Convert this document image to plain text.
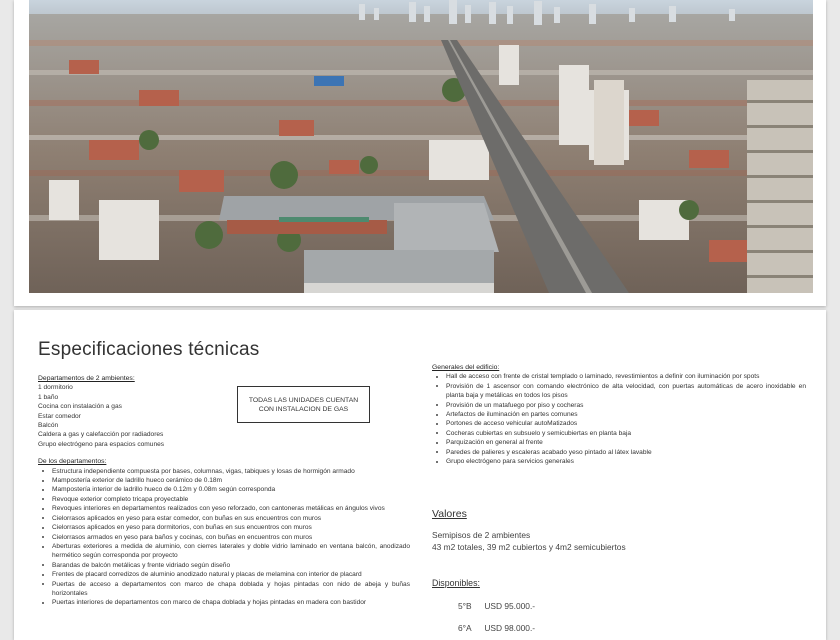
Especificaciones técnicas
Departamentos de 2 ambientes:
1 dormitorio
1 baño
Cocina con instalación a gas
Estar comedor
Balcón
Caldera a gas y calefacción por radiadores
Grupo electrógeno para espacios comunes
De los departamentos:
Estructura independiente compuesta por bases, columnas, vigas, tabiques y losas de hormigón armado
Mampostería exterior de ladrillo hueco cerámico de 0.18m
Mampostería interior de ladrillo hueco de 0.12m y 0.08m según corresponda
Revoque exterior completo tricapa proyectable
Revoques interiores en departamentos realizados con yeso reforzado, con cantoneras metálicas en ángulos vivos
Cielorrasos aplicados en yeso para estar comedor, con buñas en sus encuentros con muros
Cielorrasos aplicados en yeso para dormitorios, con buñas en sus encuentros con muros
Cielorrasos armados en yeso para baños y cocinas, con buñas en encuentros con muros
Aberturas exteriores a medida de aluminio, con cierres laterales y doble vidrio laminado en ventana balcón, anodizado hermético según corresponda por proyecto
Barandas de balcón metálicas y frente vidriado según diseño
Frentes de placard corredizos de aluminio anodizado natural y placas de melamina con interior de placard
Puertas de acceso a departamentos con marco de chapa doblada y hojas pintadas con nido de abeja y buñas horizontales
Puertas interiores de departamentos con marco de chapa doblada y hojas pintadas en madera con bastidor
TODAS LAS UNIDADES CUENTAN
CON INSTALACION DE GAS
Generales del edificio:
Hall de acceso con frente de cristal templado o laminado, revestimientos a definir con iluminación por spots
Provisión de 1 ascensor con comando electrónico de alta velocidad, con puertas automáticas de acero inoxidable en planta baja y metálicas en todos los pisos
Provisión de un matafuego por piso y cocheras
Artefactos de iluminación en partes comunes
Portones de acceso vehicular autoMatizados
Cocheras cubiertas en subsuelo y semicubiertas en planta baja
Parquización en general al frente
Paredes de palieres y escaleras acabado yeso pintado al látex lavable
Grupo electrógeno para servicios generales
Valores
Semipisos de 2 ambientes
43 m2 totales, 39 m2 cubiertos y 4m2 semicubiertos
Disponibles:
5°B USD 95.000.-
6°A USD 98.000.-
